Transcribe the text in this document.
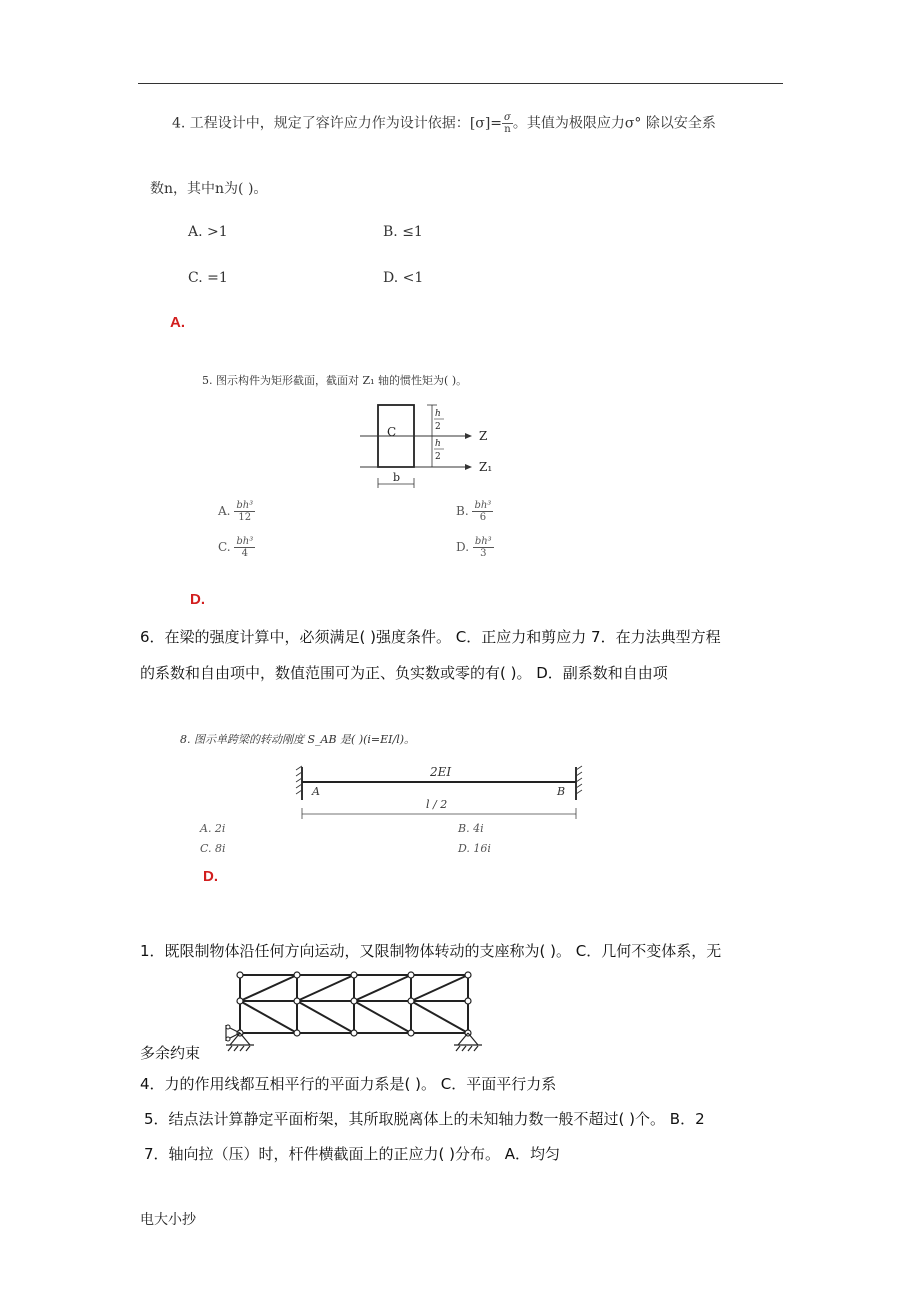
4. 工程设计中，规定了容许应力作为设计依据：$[\sigma]= \frac{\sigma}{n}$ 。其值为极限应力σ° 除以安全系
数n，其中n为( )。
A. >1	B. ≤1
C. =1	D. <1
A.
5. 图示构件为矩形截面，截面对 Z₁ 轴的惯性矩为( )。
C	Z
Z₁
b
h
2
h
2
A. $\frac{\text{bh³}}{12}$	B. $\frac{\text{bh³}}{6}$
C. $\frac{\text{bh³}}{4}$	D. $\frac{\text{bh³}}{3}$
D.
6．在梁的强度计算中，必须满足( )强度条件。 C．正应力和剪应力 7．在力法典型方程
的系数和自由项中，数值范围可为正、负实数或零的有( )。 D．副系数和自由项
8. 图示单跨梁的转动刚度 S_AB 是( )(i=EI/l)。
2EI
A	B
l / 2
A. 2i	B. 4i
C. 8i	D. 16i
D.
1．既限制物体沿任何方向运动，又限制物体转动的支座称为( )。 C．几何不变体系，无
多余约束
4．力的作用线都互相平行的平面力系是( )。 C．平面平行力系
5．结点法计算静定平面桁架，其所取脱离体上的未知轴力数一般不超过( )个。 B．2
7．轴向拉（压）时，杆件横截面上的正应力( )分布。 A．均匀
电大小抄
